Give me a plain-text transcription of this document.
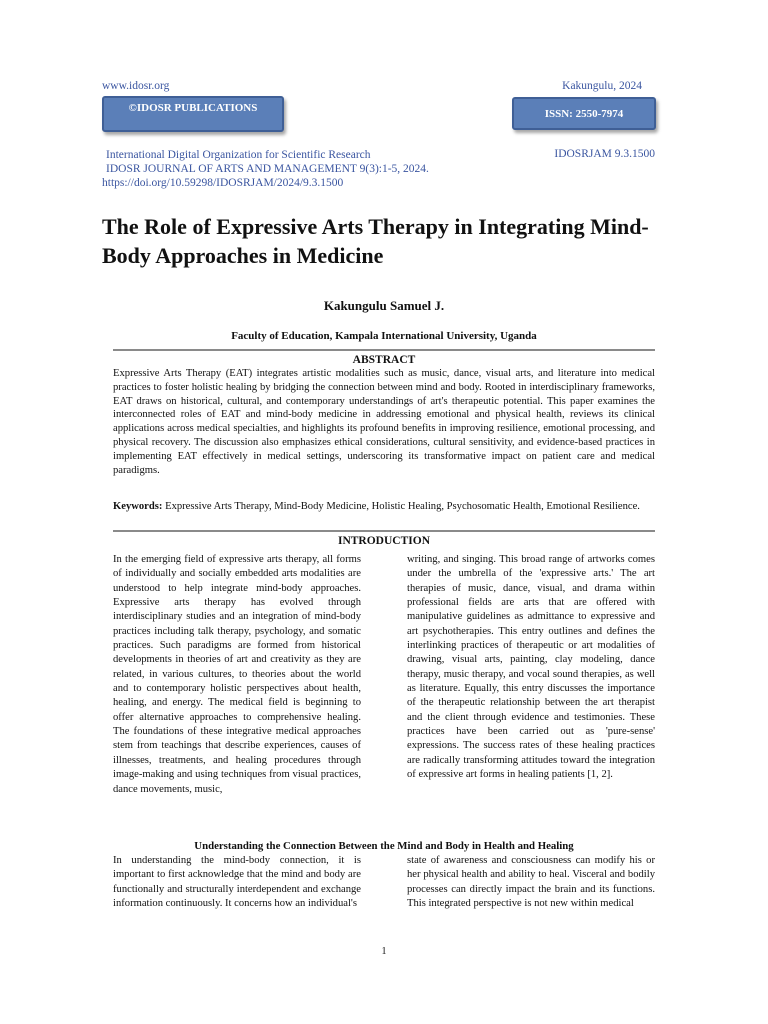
www.idosr.org	Kakungulu, 2024
©IDOSR PUBLICATIONS	ISSN: 2550-7974
International Digital Organization for Scientific Research
IDOSR JOURNAL OF ARTS AND MANAGEMENT 9(3):1-5, 2024.
https://doi.org/10.59298/IDOSRJAM/2024/9.3.1500
IDOSRJAM 9.3.1500
The Role of Expressive Arts Therapy in Integrating Mind-Body Approaches in Medicine
Kakungulu Samuel J.
Faculty of Education, Kampala International University, Uganda
ABSTRACT

Expressive Arts Therapy (EAT) integrates artistic modalities such as music, dance, visual arts, and literature into medical practices to foster holistic healing by bridging the connection between mind and body. Rooted in interdisciplinary frameworks, EAT draws on historical, cultural, and contemporary understandings of art's therapeutic potential. This paper examines the interconnected roles of EAT and mind-body medicine in addressing emotional and physical health, reviews its clinical applications across medical specialties, and highlights its profound benefits in improving resilience, emotional processing, and physical recovery. The discussion also emphasizes ethical considerations, cultural sensitivity, and evidence-based practices in implementing EAT effectively in medical settings, underscoring its transformative impact on patient care and medical paradigms.

Keywords: Expressive Arts Therapy, Mind-Body Medicine, Holistic Healing, Psychosomatic Health, Emotional Resilience.

INTRODUCTION

In the emerging field of expressive arts therapy, all forms of individually and socially embedded arts modalities are understood to help integrate mind-body approaches. Expressive arts therapy has evolved through interdisciplinary studies and an integration of mind-body practices including talk therapy, psychology, and somatic practices. Such paradigms are formed from historical developments in theories of art and creativity as they are related, in various cultures, to theories about the world and to contemporary holistic perspectives about health, healing, and energy. The medical field is beginning to offer alternative approaches to comprehensive healing. The foundations of these integrative medical approaches stem from teachings that describe experiences, causes of illnesses, treatments, and healing procedures through image-making and using techniques from visual practices, dance movements, music,

writing, and singing. This broad range of artworks comes under the umbrella of the 'expressive arts.' The art therapies of music, dance, visual, and drama within professional fields are arts that are offered with manipulative guidelines as admittance to expressive and art psychotherapies. This entry outlines and defines the interlinking practices of therapeutic or art modalities of drawing, visual arts, painting, clay modeling, dance therapy, music therapy, and vocal sound therapies, as well as literature. Equally, this entry discusses the importance of the therapeutic relationship between the art therapist and the client through evidence and testimonies. These practices have been carried out as 'pure-sense' expressions. The success rates of these healing practices are radically transforming attitudes toward the integration of expressive art forms in healing patients [1, 2].

Understanding the Connection Between the Mind and Body in Health and Healing

In understanding the mind-body connection, it is important to first acknowledge that the mind and body are functionally and structurally interdependent and exchange information continuously. It concerns how an individual's

state of awareness and consciousness can modify his or her physical health and ability to heal. Visceral and bodily processes can directly impact the brain and its functions. This integrated perspective is not new within medical

1
